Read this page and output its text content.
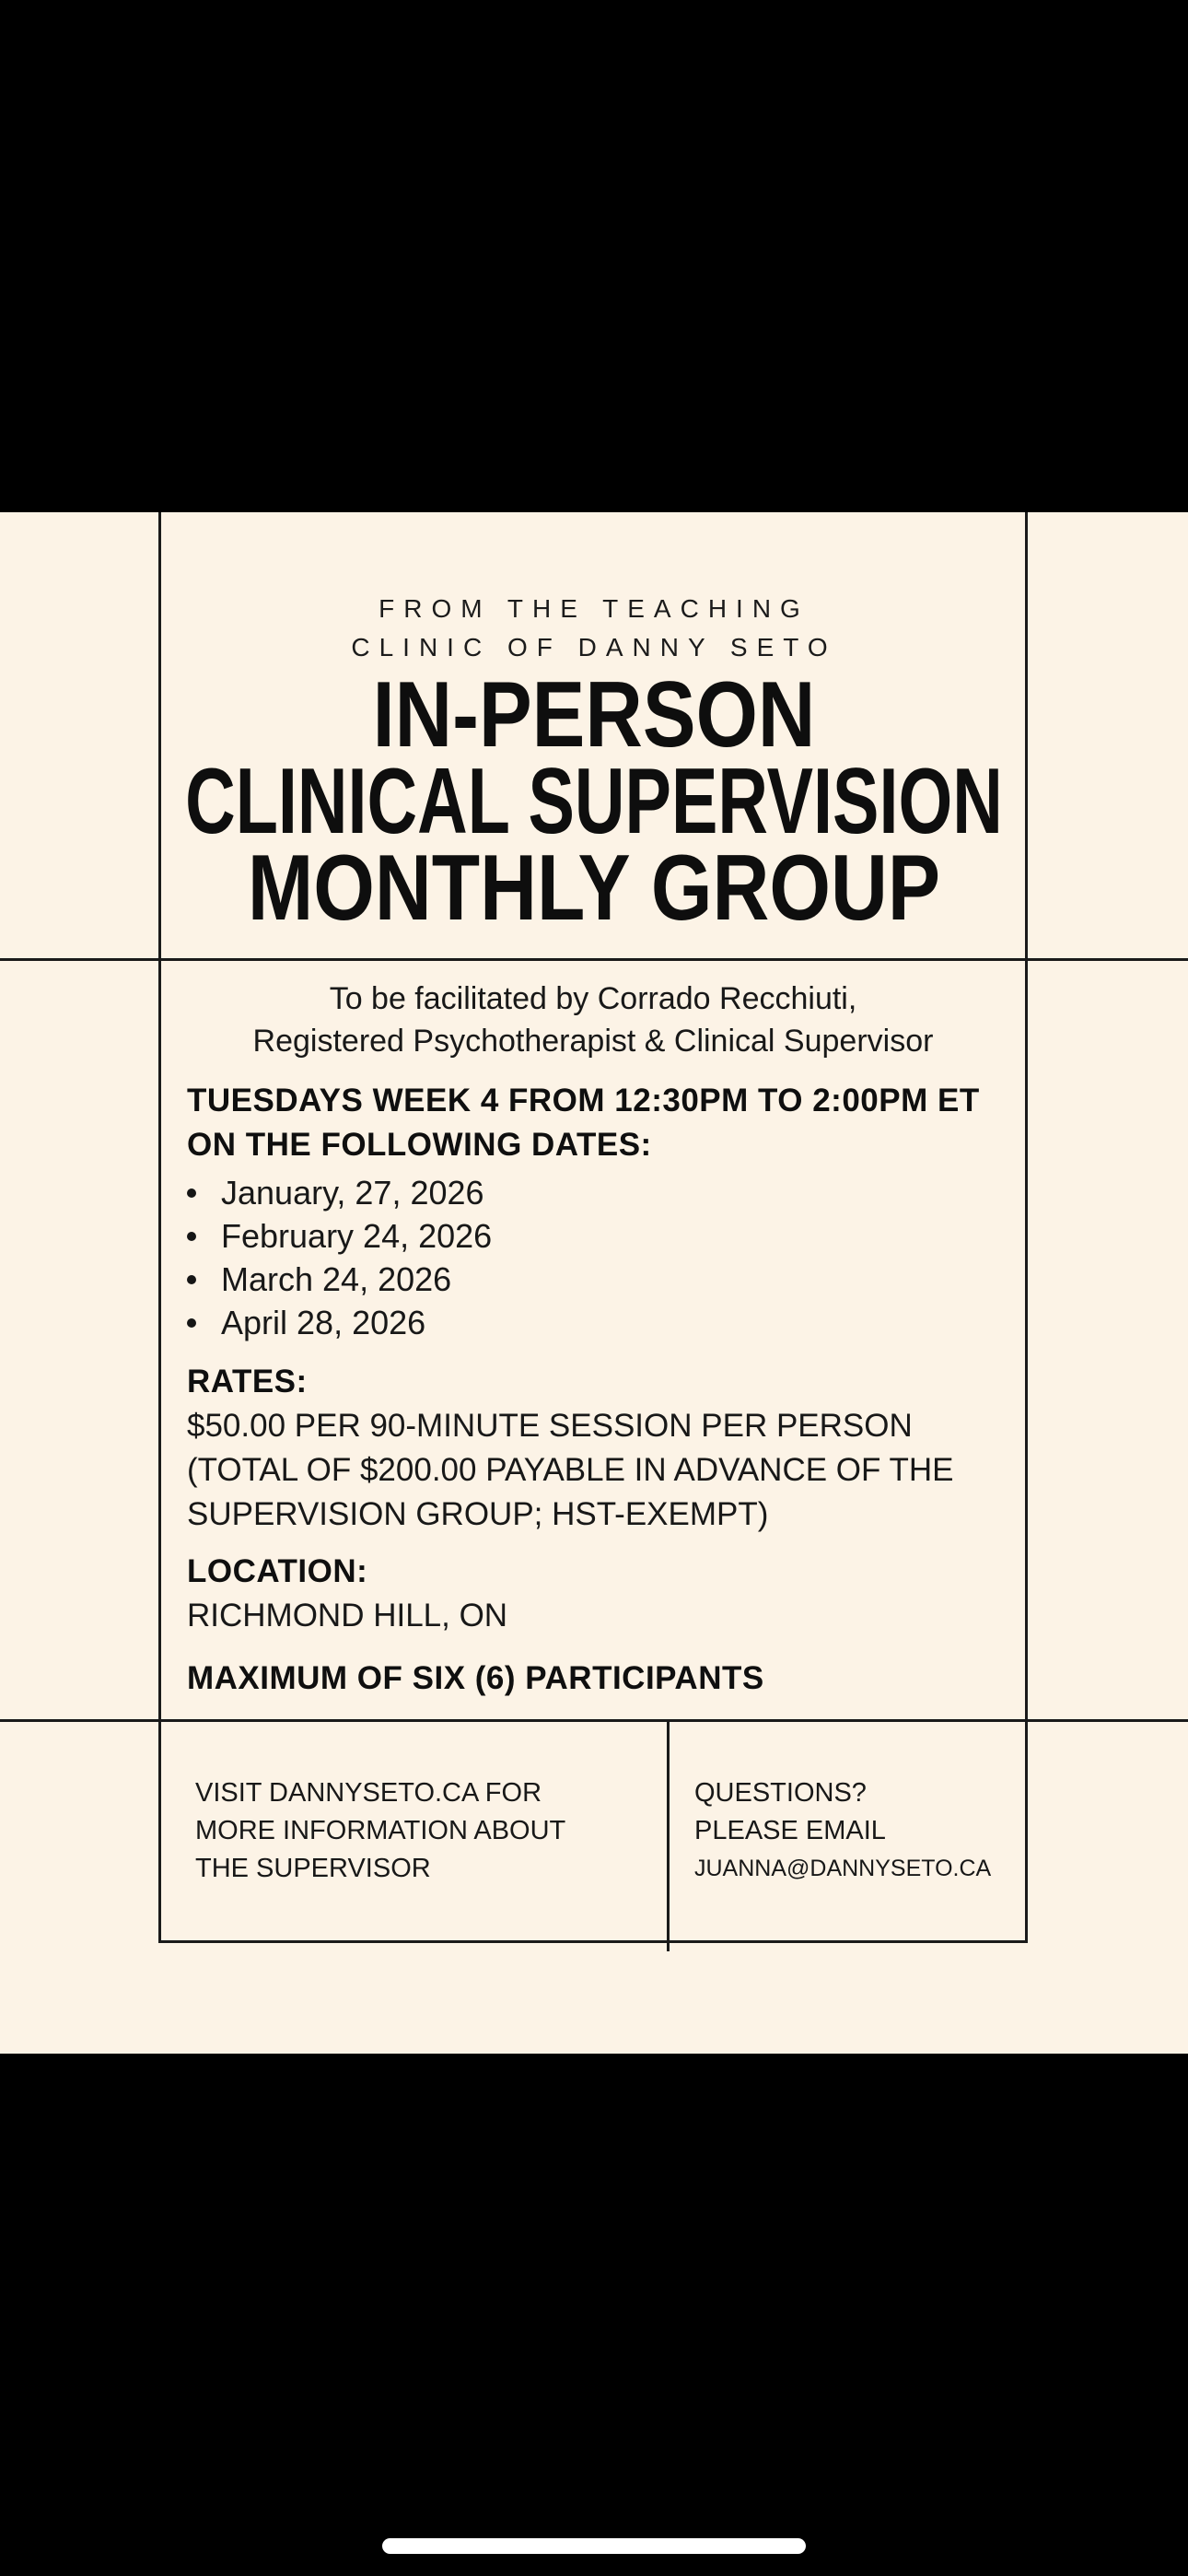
FROM THE TEACHING
CLINIC OF DANNY SETO
IN-PERSON
CLINICAL SUPERVISION
MONTHLY GROUP
To be facilitated by Corrado Recchiuti,
Registered Psychotherapist & Clinical Supervisor
TUESDAYS WEEK 4 FROM 12:30PM TO 2:00PM ET
ON THE FOLLOWING DATES:
January, 27, 2026
February 24, 2026
March 24, 2026
April 28, 2026
RATES:
$50.00 PER 90-MINUTE SESSION PER PERSON
(TOTAL OF $200.00 PAYABLE IN ADVANCE OF THE
SUPERVISION GROUP; HST-EXEMPT)
LOCATION:
RICHMOND HILL, ON
MAXIMUM OF SIX (6) PARTICIPANTS
VISIT DANNYSETO.CA FOR
MORE INFORMATION ABOUT
THE SUPERVISOR
QUESTIONS?
PLEASE EMAIL
JUANNA@DANNYSETO.CA
